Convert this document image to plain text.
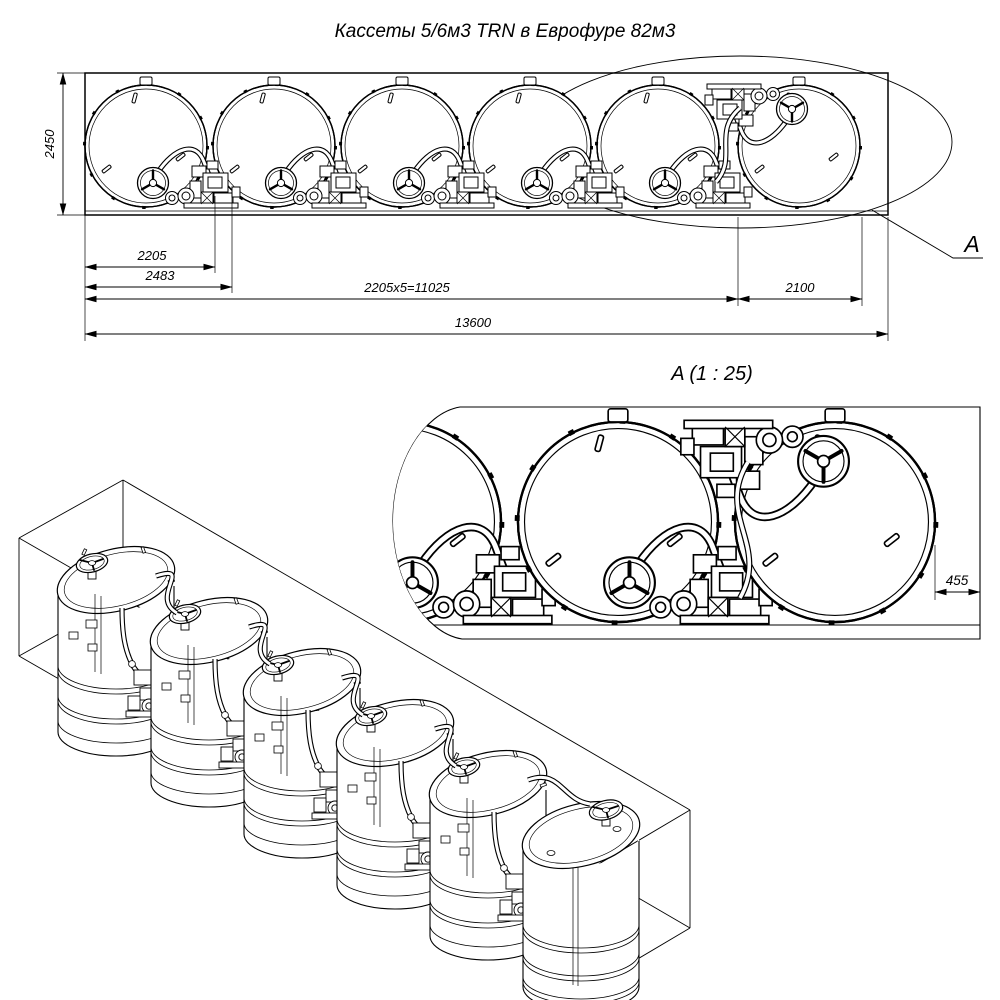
Кассеты 5/6м3 TRN в Еврофуре 82м3
A
2450
2205
2483
2205x5=11025	2100
13600
A (1 : 25)
455
